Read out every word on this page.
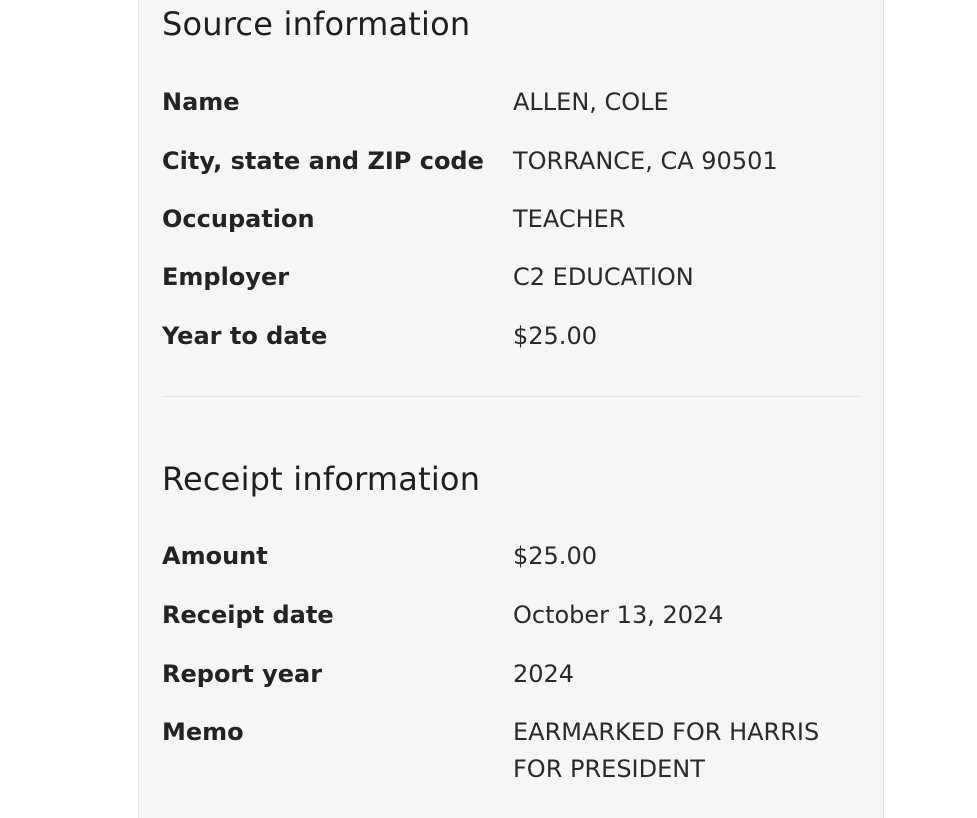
Source information
Name	ALLEN, COLE
City, state and ZIP code TORRANCE, CA 90501
Occupation	TEACHER
Employer	C2 EDUCATION
Year to date	$25.00
Receipt information
Amount	$25.00
Receipt date	October 13, 2024
Report year	2024
Memo	EARMARKED FOR HARRIS
FOR PRESIDENT
